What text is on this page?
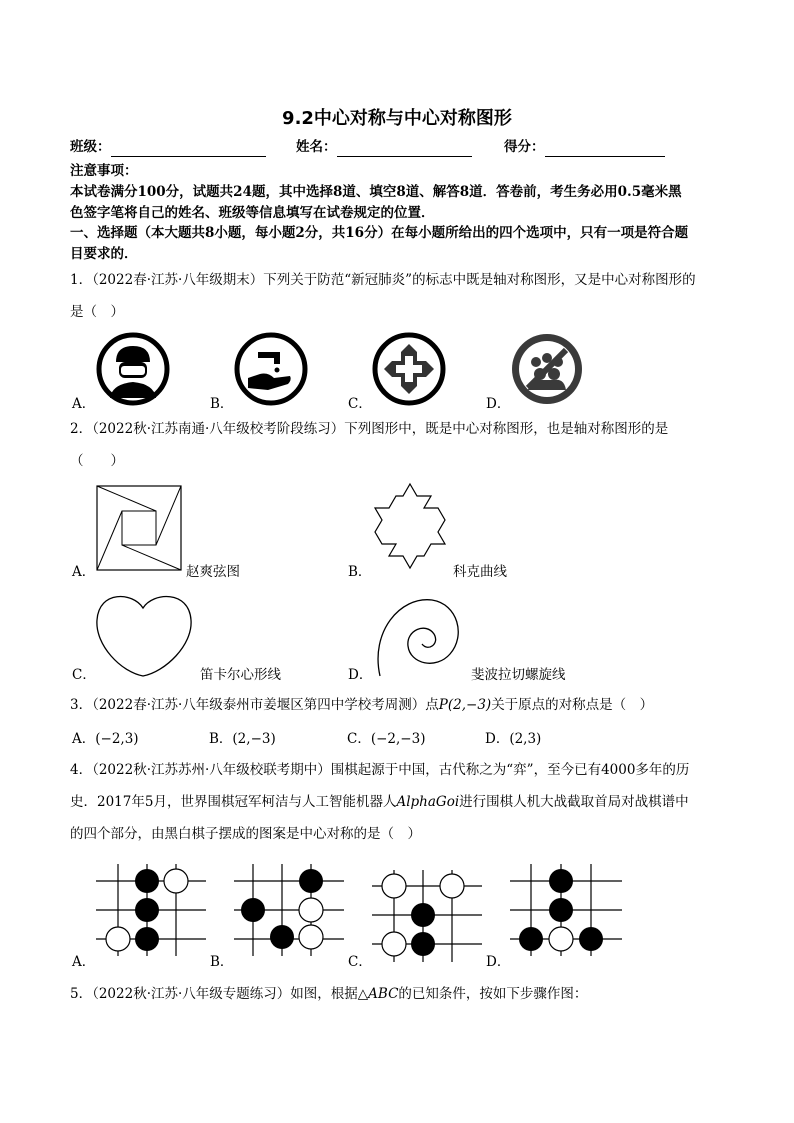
9.2中心对称与中心对称图形
班级：	姓名：	得分：
注意事项：
本试卷满分100分，试题共24题，其中选择8道、填空8道、解答8道．答卷前，考生务必用0.5毫米黑
色签字笔将自己的姓名、班级等信息填写在试卷规定的位置．
一、选择题（本大题共8小题，每小题2分，共16分）在每小题所给出的四个选项中，只有一项是符合题
目要求的．
1．（2022春·江苏·八年级期末）下列关于防范“新冠肺炎”的标志中既是轴对称图形，又是中心对称图形的
是（　）
A．	B．	C．	D．
2．（2022秋·江苏南通·八年级校考阶段练习）下列图形中，既是中心对称图形，也是轴对称图形的是
（　　）
A．	赵爽弦图	B．	科克曲线
C．	笛卡尔心形线	D．	斐波拉切螺旋线
3．（2022春·江苏·八年级泰州市姜堰区第四中学校考周测）点P(2,−3)关于原点的对称点是（　）
A．(−2,3)	B．(2,−3)	C．(−2,−3)	D．(2,3)
4．（2022秋·江苏苏州·八年级校联考期中）围棋起源于中国，古代称之为“弈”，至今已有4000多年的历
史．2017年5月，世界围棋冠军柯洁与人工智能机器人AlphaGoi进行围棋人机大战截取首局对战棋谱中
的四个部分，由黑白棋子摆成的图案是中心对称的是（　）
A．	B．	C．	D．
5．（2022秋·江苏·八年级专题练习）如图，根据△ABC的已知条件，按如下步骤作图：
